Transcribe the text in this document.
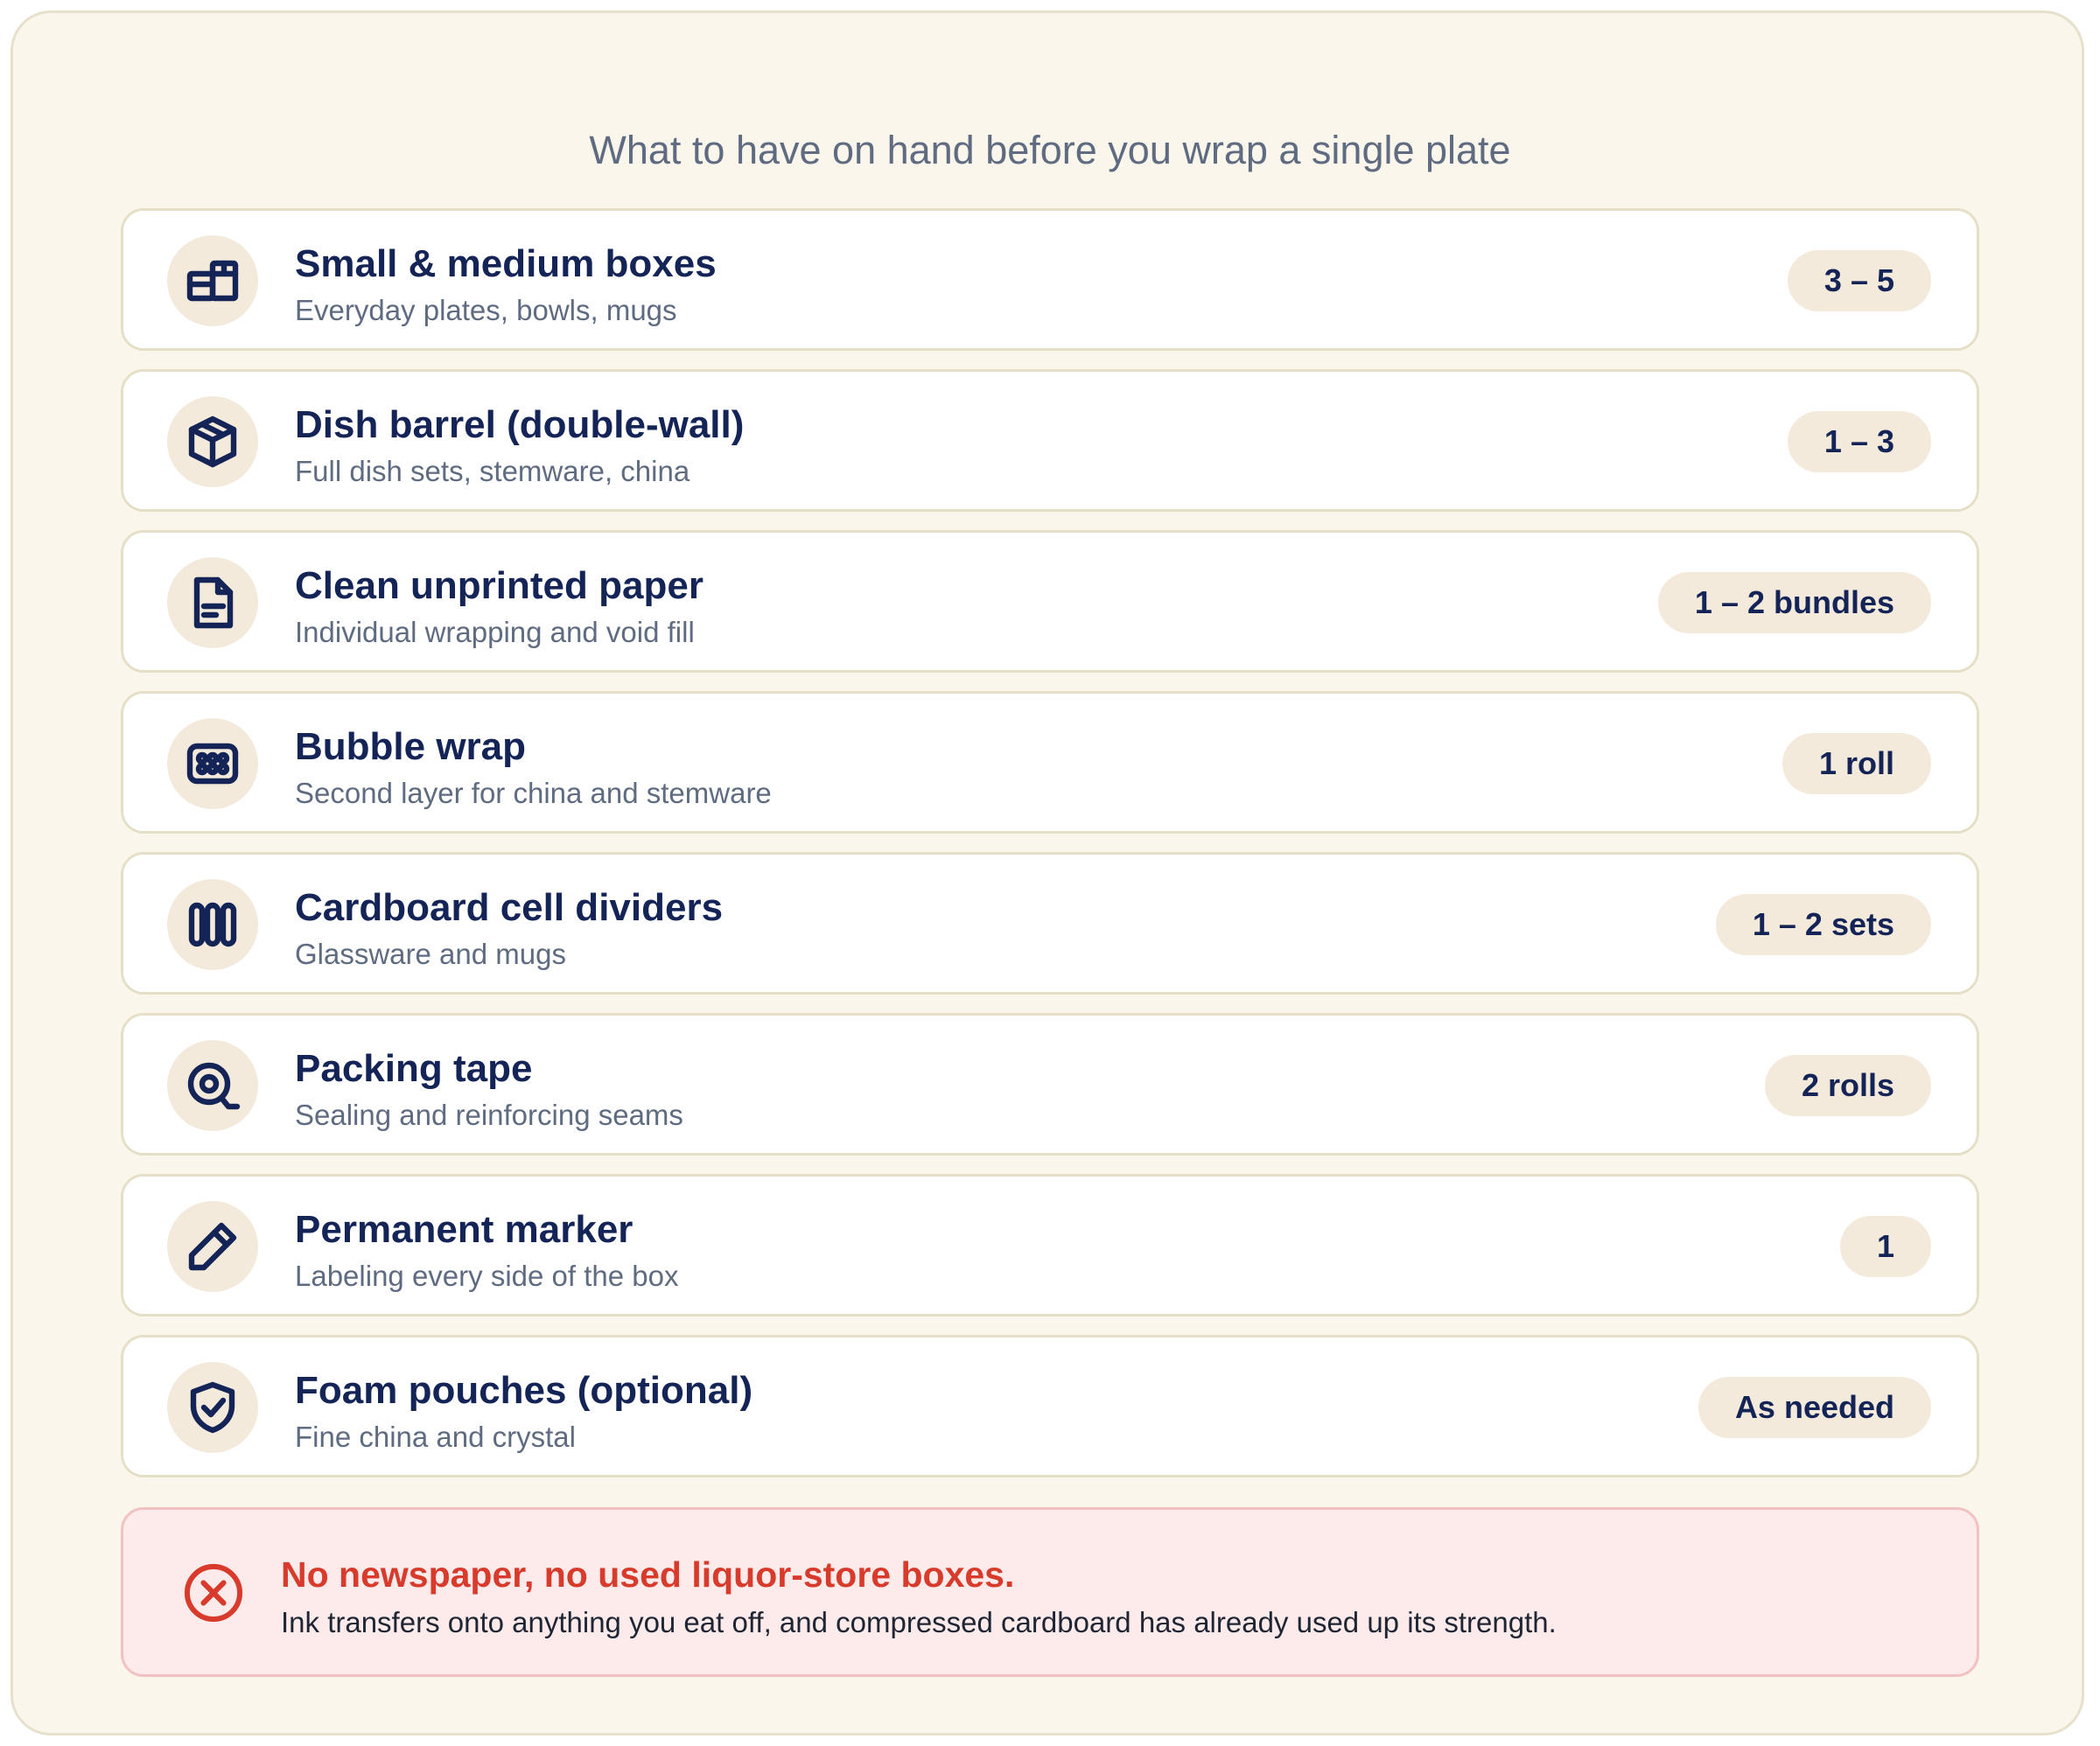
What to have on hand before you wrap a single plate
Small & medium boxes
Everyday plates, bowls, mugs
3 – 5
Dish barrel (double-wall)
Full dish sets, stemware, china
1 – 3
Clean unprinted paper
Individual wrapping and void fill
1 – 2 bundles
Bubble wrap
Second layer for china and stemware
1 roll
Cardboard cell dividers
Glassware and mugs
1 – 2 sets
Packing tape
Sealing and reinforcing seams
2 rolls
Permanent marker
Labeling every side of the box
1
Foam pouches (optional)
Fine china and crystal
As needed
No newspaper, no used liquor-store boxes.
Ink transfers onto anything you eat off, and compressed cardboard has already used up its strength.
